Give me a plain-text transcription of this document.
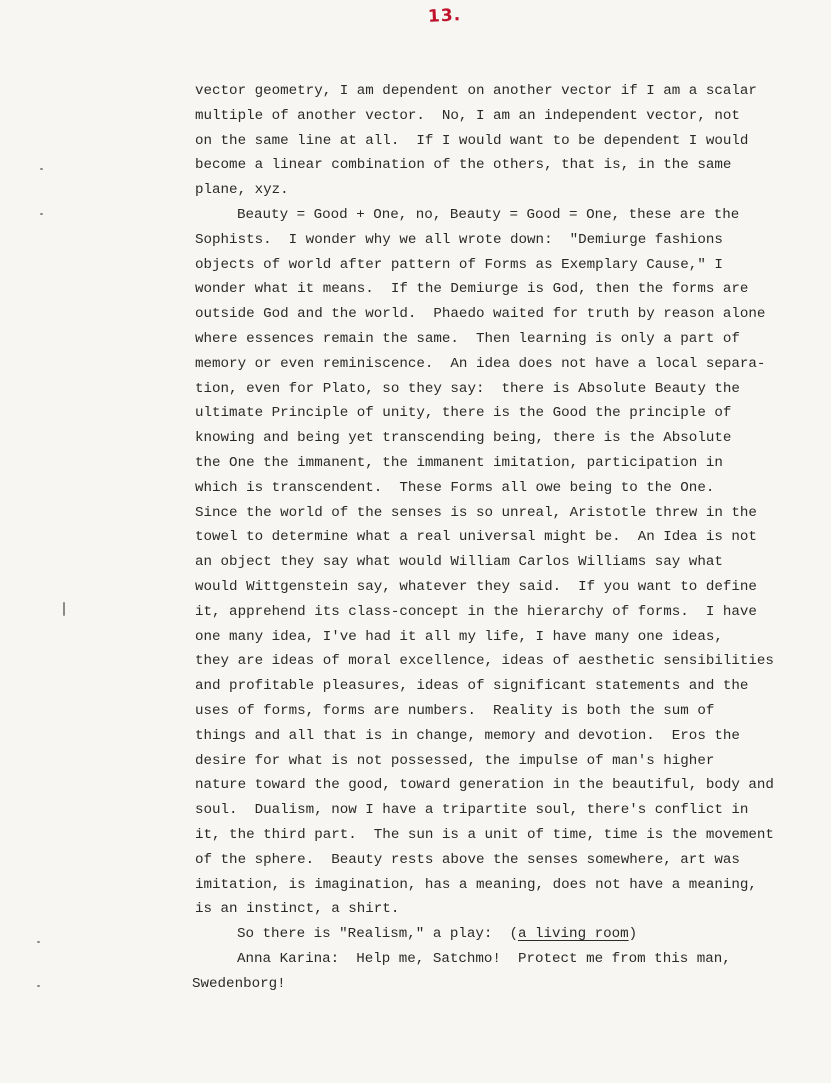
13.
vector geometry, I am dependent on another vector if I am a scalar
multiple of another vector.  No, I am an independent vector, not
on the same line at all.  If I would want to be dependent I would
become a linear combination of the others, that is, in the same
plane, xyz.
Beauty = Good + One, no, Beauty = Good = One, these are the
Sophists.  I wonder why we all wrote down:  "Demiurge fashions
objects of world after pattern of Forms as Exemplary Cause," I
wonder what it means.  If the Demiurge is God, then the forms are
outside God and the world.  Phaedo waited for truth by reason alone
where essences remain the same.  Then learning is only a part of
memory or even reminiscence.  An idea does not have a local separa-
tion, even for Plato, so they say:  there is Absolute Beauty the
ultimate Principle of unity, there is the Good the principle of
knowing and being yet transcending being, there is the Absolute
the One the immanent, the immanent imitation, participation in
which is transcendent.  These Forms all owe being to the One.
Since the world of the senses is so unreal, Aristotle threw in the
towel to determine what a real universal might be.  An Idea is not
an object they say what would William Carlos Williams say what
would Wittgenstein say, whatever they said.  If you want to define
it, apprehend its class-concept in the hierarchy of forms.  I have
one many idea, I've had it all my life, I have many one ideas,
they are ideas of moral excellence, ideas of aesthetic sensibilities
and profitable pleasures, ideas of significant statements and the
uses of forms, forms are numbers.  Reality is both the sum of
things and all that is in change, memory and devotion.  Eros the
desire for what is not possessed, the impulse of man's higher
nature toward the good, toward generation in the beautiful, body and
soul.  Dualism, now I have a tripartite soul, there's conflict in
it, the third part.  The sun is a unit of time, time is the movement
of the sphere.  Beauty rests above the senses somewhere, art was
imitation, is imagination, has a meaning, does not have a meaning,
is an instinct, a shirt.
So there is "Realism," a play:  (a living room)
Anna Karina:  Help me, Satchmo!  Protect me from this man,
Swedenborg!
